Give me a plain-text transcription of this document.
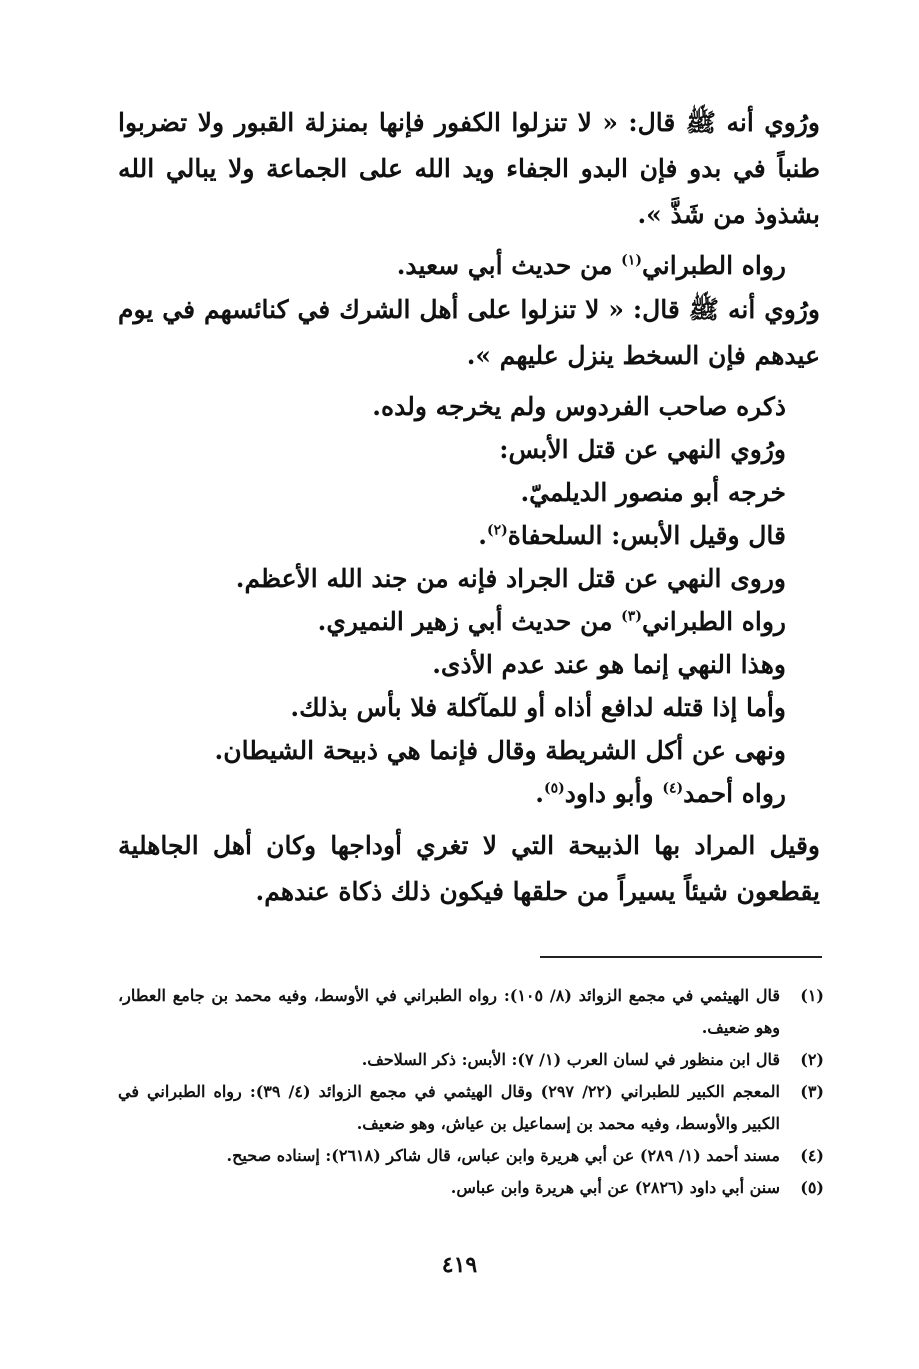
ورُوي أنه ﷺ قال: « لا تنزلوا الكفور فإنها بمنزلة القبور ولا تضربوا طنباً في بدو فإن البدو الجفاء ويد الله على الجماعة ولا يبالي الله بشذوذ من شَذَّ ».

رواه الطبراني$^{(١)}$ من حديث أبي سعيد.

ورُوي أنه ﷺ قال: « لا تنزلوا على أهل الشرك في كنائسهم في يوم عيدهم فإن السخط ينزل عليهم ».

ذكره صاحب الفردوس ولم يخرجه ولده.

ورُوي النهي عن قتل الأبس:

خرجه أبو منصور الديلميّ.

قال وقيل الأبس: السلحفاة$^{(٢)}$.

وروى النهي عن قتل الجراد فإنه من جند الله الأعظم.

رواه الطبراني$^{(٣)}$ من حديث أبي زهير النميري.

وهذا النهي إنما هو عند عدم الأذى.

وأما إذا قتله لدافع أذاه أو للمآكلة فلا بأس بذلك.

ونهى عن أكل الشريطة وقال فإنما هي ذبيحة الشيطان.

رواه أحمد$^{(٤)}$ وأبو داود$^{(٥)}$.

وقيل المراد بها الذبيحة التي لا تغري أوداجها وكان أهل الجاهلية يقطعون شيئاً يسيراً من حلقها فيكون ذلك ذكاة عندهم.

(١)
قال الهيثمي في مجمع الزوائد (٨/ ١٠٥): رواه الطبراني في الأوسط، وفيه محمد بن جامع العطار، وهو ضعيف.
(٢)
قال ابن منظور في لسان العرب (١/ ٧): الأبس: ذكر السلاحف.
(٣)
المعجم الكبير للطبراني (٢٢/ ٢٩٧) وقال الهيثمي في مجمع الزوائد (٤/ ٣٩): رواه الطبراني في الكبير والأوسط، وفيه محمد بن إسماعيل بن عياش، وهو ضعيف.
(٤)
مسند أحمد (١/ ٢٨٩) عن أبي هريرة وابن عباس، قال شاكر (٢٦١٨): إسناده صحيح.
(٥)
سنن أبي داود (٢٨٢٦) عن أبي هريرة وابن عباس.
٤١٩
